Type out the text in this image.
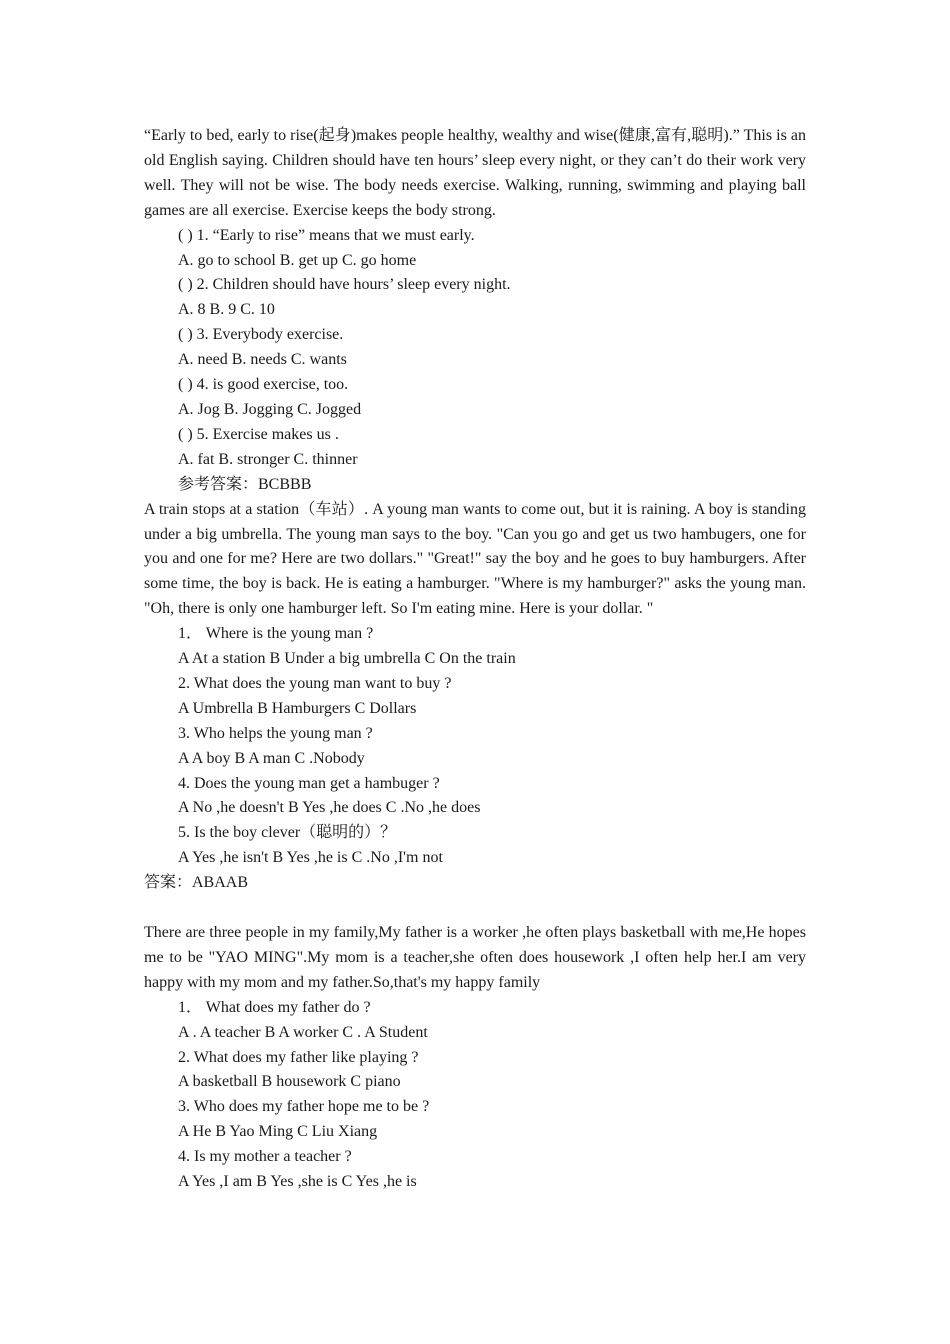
“Early to bed, early to rise(起身)makes people healthy, wealthy and wise(健康,富有,聪明).” This is an old English saying. Children should have ten hours’ sleep every night, or they can’t do their work very well. They will not be wise. The body needs exercise. Walking, running, swimming and playing ball games are all exercise. Exercise keeps the body strong.

( ) 1. “Early to rise” means that we must early.

A. go to school B. get up C. go home

( ) 2. Children should have hours’ sleep every night.

A. 8 B. 9 C. 10

( ) 3. Everybody exercise.

A. need B. needs C. wants

( ) 4. is good exercise, too.

A. Jog B. Jogging C. Jogged

( ) 5. Exercise makes us .

A. fat B. stronger C. thinner

参考答案：BCBBB

A train stops at a station（车站）. A young man wants to come out, but it is raining. A boy is standing under a big umbrella. The young man says to the boy. "Can you go and get us two hambugers, one for you and one for me? Here are two dollars." "Great!" say the boy and he goes to buy hamburgers. After some time, the boy is back. He is eating a hamburger. "Where is my hamburger?" asks the young man. "Oh, there is only one hamburger left. So I'm eating mine. Here is your dollar. "

1． Where is the young man ?

A At a station B Under a big umbrella C On the train

2. What does the young man want to buy ?

A Umbrella B Hamburgers C Dollars

3. Who helps the young man ?

A A boy B A man C .Nobody

4. Does the young man get a hambuger ?

A No ,he doesn't B Yes ,he does C .No ,he does

5. Is the boy clever（聪明的）？

A Yes ,he isn't B Yes ,he is C .No ,I'm not

答案：ABAAB

There are three people in my family,My father is a worker ,he often plays basketball with me,He hopes me to be "YAO MING".My mom is a teacher,she often does housework ,I often help her.I am very happy with my mom and my father.So,that's my happy family

1． What does my father do ?

A . A teacher B A worker C . A Student

2. What does my father like playing ?

A basketball B housework C piano

3. Who does my father hope me to be ?

A He B Yao Ming C Liu Xiang

4. Is my mother a teacher ?

A Yes ,I am B Yes ,she is C Yes ,he is
